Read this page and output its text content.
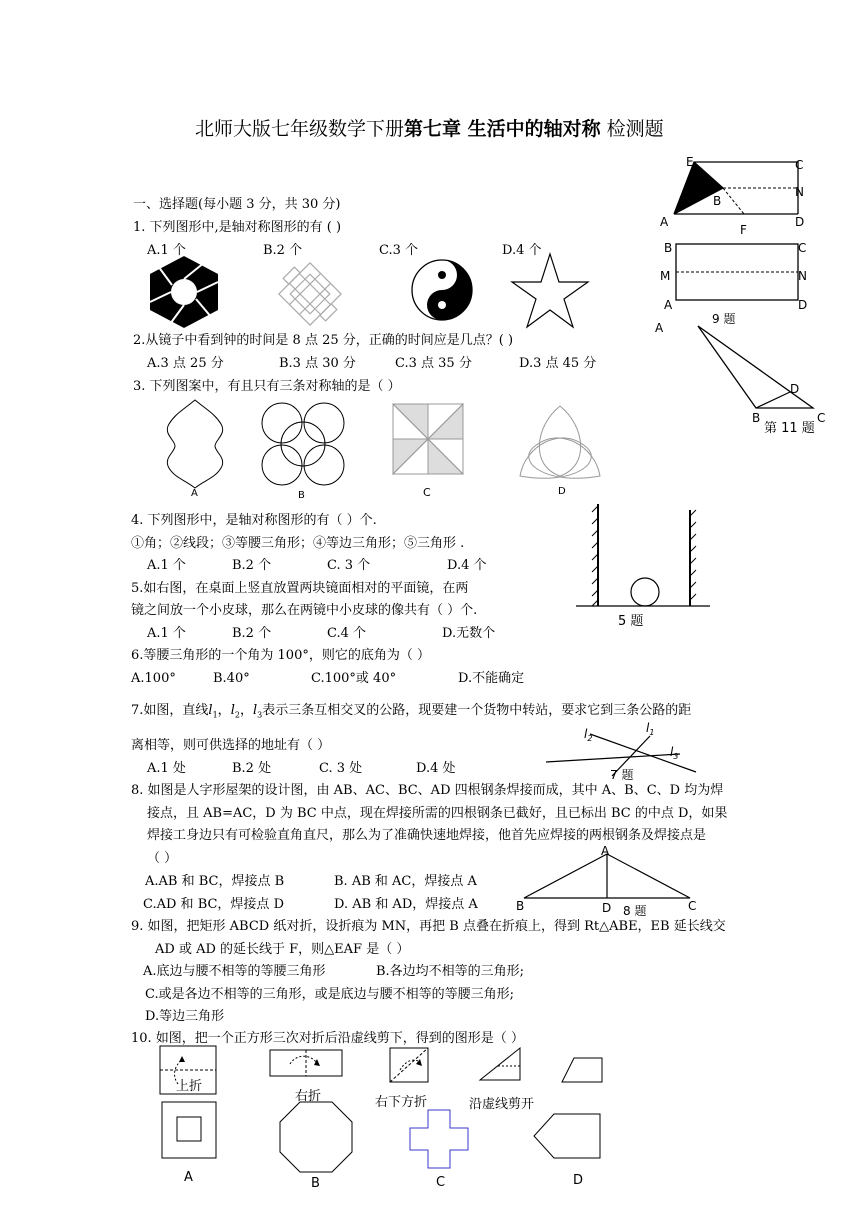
北师大版七年级数学下册第七章 生活中的轴对称 检测题
E	C
N
A
B
D
F
B	C
M	N
A	D
9 题
A
D
B	C
第 11 题
一、选择题(每小题 3 分，共 30 分)
1. 下列图形中,是轴对称图形的有 ( )
A.1 个	B.2 个	C.3 个	D.4 个
2.从镜子中看到钟的时间是 8 点 25 分，正确的时间应是几点？( )
A.3 点 25 分	B.3 点 30 分	C.3 点 35 分	D.3 点 45 分
3. 下列图案中，有且只有三条对称轴的是（ ）
A	B	C	D
4. 下列图形中，是轴对称图形的有（ ）个.
①角；②线段；③等腰三角形；④等边三角形；⑤三角形 .
A.1 个	B.2 个	C. 3 个	D.4 个
5 题
5.如右图，在桌面上竖直放置两块镜面相对的平面镜，在两
镜之间放一个小皮球，那么在两镜中小皮球的像共有（ ）个.
A.1 个	B.2 个	C.4 个	D.无数个
6.等腰三角形的一个角为 100°，则它的底角为（ ）
A.100°	B.40°	C.100°或 40°	D.不能确定
7.如图，直线$l_1$，$l_2$，$l_3$表示三条互相交叉的公路，现要建一个货物中转站，要求它到三条公路的距
离相等，则可供选择的地址有（ ）
A.1 处	B.2 处	C. 3 处	D.4 处
$l_2$
$l_1$
$l_3$
7 题
8. 如图是人字形屋架的设计图，由 AB、AC、BC、AD 四根钢条焊接而成，其中 A、B、C、D 均为焊
接点，且 AB=AC，D 为 BC 中点，现在焊接所需的四根钢条已截好，且已标出 BC 的中点 D，如果
焊接工身边只有可检验直角直尺，那么为了准确快速地焊接，他首先应焊接的两根钢条及焊接点是
（ ）
A.AB 和 BC，焊接点 B	B. AB 和 AC，焊接点 A
C.AD 和 BC，焊接点 D	D. AB 和 AD，焊接点 A
A
B	C
D 8 题
9. 如图，把矩形 ABCD 纸对折，设折痕为 MN，再把 B 点叠在折痕上，得到 Rt△ABE，EB 延长线交
AD 或 AD 的延长线于 F，则△EAF 是（ ）
A.底边与腰不相等的等腰三角形	B.各边均不相等的三角形;
C.或是各边不相等的三角形，或是底边与腰不相等的等腰三角形;
D.等边三角形
10. 如图，把一个正方形三次对折后沿虚线剪下，得到的图形是（ ）
上折
右折	右下方折	沿虚线剪开
A	B	C	D
